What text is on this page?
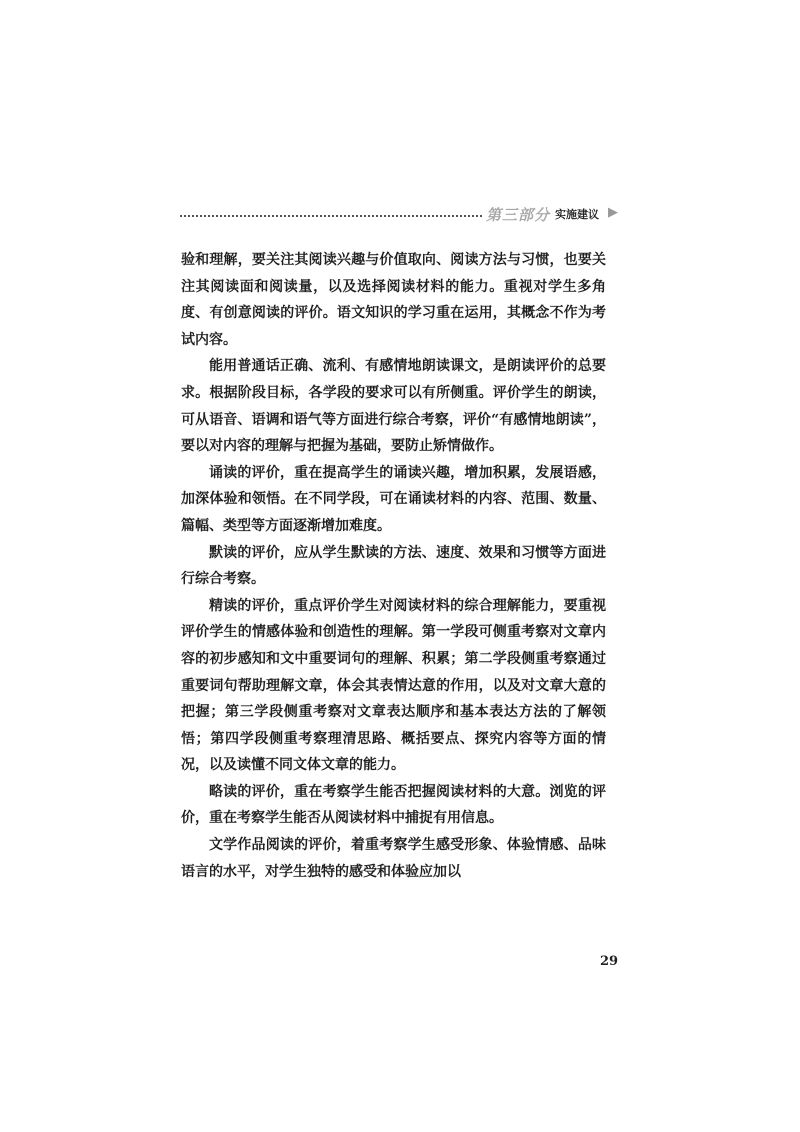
第三部分 实施建议 ▶

验和理解，要关注其阅读兴趣与价值取向、阅读方法与习惯，也要关注其阅读面和阅读量，以及选择阅读材料的能力。重视对学生多角度、有创意阅读的评价。语文知识的学习重在运用，其概念不作为考试内容。

能用普通话正确、流利、有感情地朗读课文，是朗读评价的总要求。根据阶段目标，各学段的要求可以有所侧重。评价学生的朗读，可从语音、语调和语气等方面进行综合考察，评价“有感情地朗读”，要以对内容的理解与把握为基础，要防止矫情做作。

诵读的评价，重在提高学生的诵读兴趣，增加积累，发展语感，加深体验和领悟。在不同学段，可在诵读材料的内容、范围、数量、篇幅、类型等方面逐渐增加难度。

默读的评价，应从学生默读的方法、速度、效果和习惯等方面进行综合考察。

精读的评价，重点评价学生对阅读材料的综合理解能力，要重视评价学生的情感体验和创造性的理解。第一学段可侧重考察对文章内容的初步感知和文中重要词句的理解、积累；第二学段侧重考察通过重要词句帮助理解文章，体会其表情达意的作用，以及对文章大意的把握；第三学段侧重考察对文章表达顺序和基本表达方法的了解领悟；第四学段侧重考察理清思路、概括要点、探究内容等方面的情况，以及读懂不同文体文章的能力。

略读的评价，重在考察学生能否把握阅读材料的大意。浏览的评价，重在考察学生能否从阅读材料中捕捉有用信息。

文学作品阅读的评价，着重考察学生感受形象、体验情感、品味语言的水平，对学生独特的感受和体验应加以

29
